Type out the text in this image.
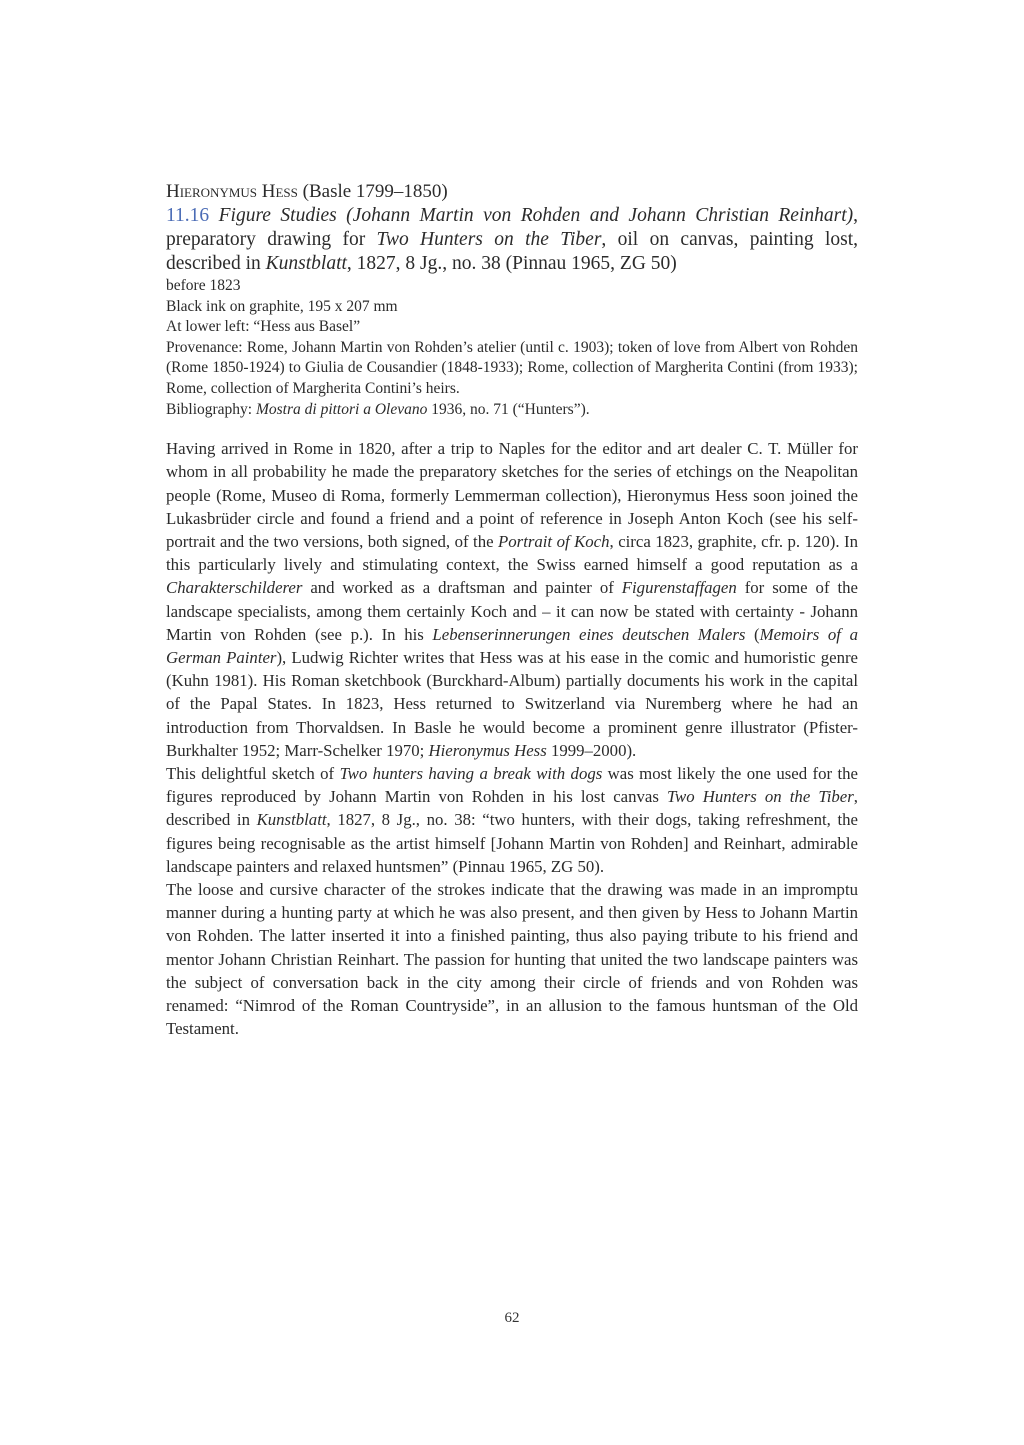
Hieronymus Hess (Basle 1799–1850)

11.16 Figure Studies (Johann Martin von Rohden and Johann Christian Reinhart), preparatory drawing for Two Hunters on the Tiber, oil on canvas, painting lost, described in Kunstblatt, 1827, 8 Jg., no. 38 (Pinnau 1965, ZG 50)

before 1823

Black ink on graphite, 195 x 207 mm

At lower left: “Hess aus Basel”

Provenance: Rome, Johann Martin von Rohden’s atelier (until c. 1903); token of love from Albert von Rohden (Rome 1850-1924) to Giulia de Cousandier (1848-1933); Rome, collection of Margherita Contini (from 1933); Rome, collection of Margherita Contini’s heirs.

Bibliography: Mostra di pittori a Olevano 1936, no. 71 (“Hunters”).

Having arrived in Rome in 1820, after a trip to Naples for the editor and art dealer C. T. Müller for whom in all probability he made the preparatory sketches for the series of etchings on the Neapolitan people (Rome, Museo di Roma, formerly Lemmerman collection), Hieronymus Hess soon joined the Lukasbrüder circle and found a friend and a point of reference in Joseph Anton Koch (see his self-portrait and the two versions, both signed, of the Portrait of Koch, circa 1823, graphite, cfr. p. 120). In this particularly lively and stimulating context, the Swiss earned himself a good reputation as a Charakterschilderer and worked as a draftsman and painter of Figurenstaffagen for some of the landscape specialists, among them certainly Koch and – it can now be stated with certainty - Johann Martin von Rohden (see p.). In his Lebenserinnerungen eines deutschen Malers (Memoirs of a German Painter), Ludwig Richter writes that Hess was at his ease in the comic and humoristic genre (Kuhn 1981). His Roman sketchbook (Burckhard-Album) partially documents his work in the capital of the Papal States. In 1823, Hess returned to Switzerland via Nuremberg where he had an introduction from Thorvaldsen. In Basle he would become a prominent genre illustrator (Pfister-Burkhalter 1952; Marr-Schelker 1970; Hieronymus Hess 1999–2000).

This delightful sketch of Two hunters having a break with dogs was most likely the one used for the figures reproduced by Johann Martin von Rohden in his lost canvas Two Hunters on the Tiber, described in Kunstblatt, 1827, 8 Jg., no. 38: “two hunters, with their dogs, taking refreshment, the figures being recognisable as the artist himself [Johann Martin von Rohden] and Reinhart, admirable landscape painters and relaxed huntsmen” (Pinnau 1965, ZG 50).

The loose and cursive character of the strokes indicate that the drawing was made in an impromptu manner during a hunting party at which he was also present, and then given by Hess to Johann Martin von Rohden. The latter inserted it into a finished painting, thus also paying tribute to his friend and mentor Johann Christian Reinhart. The passion for hunting that united the two landscape painters was the subject of conversation back in the city among their circle of friends and von Rohden was renamed: “Nimrod of the Roman Countryside”, in an allusion to the famous huntsman of the Old Testament.

62
